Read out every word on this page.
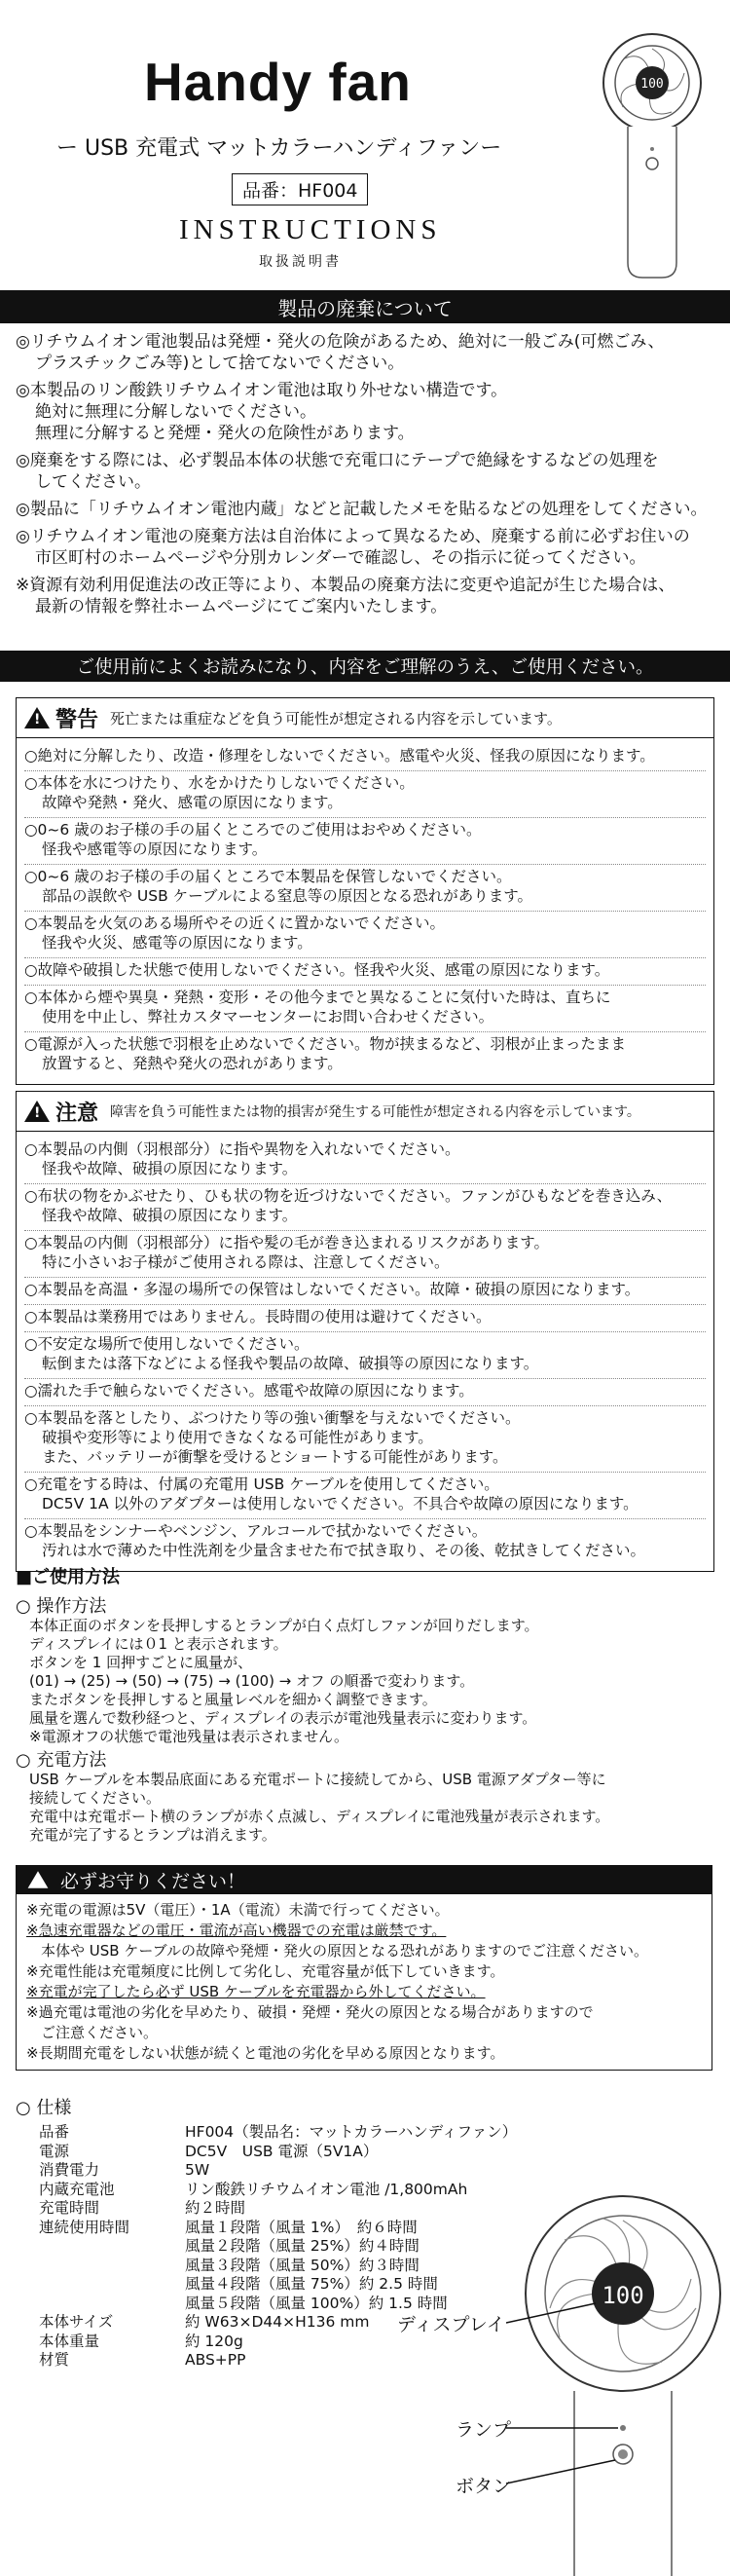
Handy fan
ー USB 充電式 マットカラーハンディファンー
品番：HF004
INSTRUCTIONS
取扱説明書
100
製品の廃棄について
◎リチウムイオン電池製品は発煙・発火の危険があるため、絶対に一般ごみ(可燃ごみ、
プラスチックごみ等)として捨てないでください。
◎本製品のリン酸鉄リチウムイオン電池は取り外せない構造です。
絶対に無理に分解しないでください。
無理に分解すると発煙・発火の危険性があります。
◎廃棄をする際には、必ず製品本体の状態で充電口にテープで絶縁をするなどの処理を
してください。
◎製品に「リチウムイオン電池内蔵」などと記載したメモを貼るなどの処理をしてください。
◎リチウムイオン電池の廃棄方法は自治体によって異なるため、廃棄する前に必ずお住いの
市区町村のホームページや分別カレンダーで確認し、その指示に従ってください。
※資源有効利用促進法の改正等により、本製品の廃棄方法に変更や追記が生じた場合は、
最新の情報を弊社ホームページにてご案内いたします。
ご使用前によくお読みになり、内容をご理解のうえ、ご使用ください。
!
警告 死亡または重症などを負う可能性が想定される内容を示しています。
○絶対に分解したり、改造・修理をしないでください。感電や火災、怪我の原因になります。
○本体を水につけたり、水をかけたりしないでください。
故障や発熱・発火、感電の原因になります。
○0~6 歳のお子様の手の届くところでのご使用はおやめください。
怪我や感電等の原因になります。
○0~6 歳のお子様の手の届くところで本製品を保管しないでください。
部品の誤飲や USB ケーブルによる窒息等の原因となる恐れがあります。
○本製品を火気のある場所やその近くに置かないでください。
怪我や火災、感電等の原因になります。
○故障や破損した状態で使用しないでください。怪我や火災、感電の原因になります。
○本体から煙や異臭・発熱・変形・その他今までと異なることに気付いた時は、直ちに
使用を中止し、弊社カスタマーセンターにお問い合わせください。
○電源が入った状態で羽根を止めないでください。物が挟まるなど、羽根が止まったまま
放置すると、発熱や発火の恐れがあります。
!
注意 障害を負う可能性または物的損害が発生する可能性が想定される内容を示しています。
○本製品の内側（羽根部分）に指や異物を入れないでください。
怪我や故障、破損の原因になります。
○布状の物をかぶせたり、ひも状の物を近づけないでください。ファンがひもなどを巻き込み、
怪我や故障、破損の原因になります。
○本製品の内側（羽根部分）に指や髪の毛が巻き込まれるリスクがあります。
特に小さいお子様がご使用される際は、注意してください。
○本製品を高温・多湿の場所での保管はしないでください。故障・破損の原因になります。
○本製品は業務用ではありません。長時間の使用は避けてください。
○不安定な場所で使用しないでください。
転倒または落下などによる怪我や製品の故障、破損等の原因になります。
○濡れた手で触らないでください。感電や故障の原因になります。
○本製品を落としたり、ぶつけたり等の強い衝撃を与えないでください。
破損や変形等により使用できなくなる可能性があります。
また、バッテリーが衝撃を受けるとショートする可能性があります。
○充電をする時は、付属の充電用 USB ケーブルを使用してください。
DC5V 1A 以外のアダプターは使用しないでください。不具合や故障の原因になります。
○本製品をシンナーやベンジン、アルコールで拭かないでください。
汚れは水で薄めた中性洗剤を少量含ませた布で拭き取り、その後、乾拭きしてください。
■ご使用方法
○ 操作方法
本体正面のボタンを長押しするとランプが白く点灯しファンが回りだします。
ディスプレイには０1 と表示されます。
ボタンを 1 回押すごとに風量が、
(01) → (25) → (50) → (75) → (100) → オフ の順番で変わります。
またボタンを長押しすると風量レベルを細かく調整できます。
風量を選んで数秒経つと、ディスプレイの表示が電池残量表示に変わります。
※電源オフの状態で電池残量は表示されません。
○ 充電方法
USB ケーブルを本製品底面にある充電ポートに接続してから、USB 電源アダプター等に
接続してください。
充電中は充電ポート横のランプが赤く点滅し、ディスプレイに電池残量が表示されます。
充電が完了するとランプは消えます。
!
必ずお守りください！
※充電の電源は5V（電圧）・1A（電流）未満で行ってください。
※急速充電器などの電圧・電流が高い機器での充電は厳禁です。
　本体や USB ケーブルの故障や発煙・発火の原因となる恐れがありますのでご注意ください。
※充電性能は充電頻度に比例して劣化し、充電容量が低下していきます。
※充電が完了したら必ず USB ケーブルを充電器から外してください。
※過充電は電池の劣化を早めたり、破損・発煙・発火の原因となる場合がありますので
　ご注意ください。
※長期間充電をしない状態が続くと電池の劣化を早める原因となります。
○ 仕様
品番	HF004（製品名：マットカラーハンディファン）
電源	DC5V　USB 電源（5V1A）
消費電力	5W
内蔵充電池	リン酸鉄リチウムイオン電池 /1,800mAh
充電時間	約２時間
連続使用時間	風量１段階（風量 1%）　約６時間
風量２段階（風量 25%）約４時間
風量３段階（風量 50%）約３時間
風量４段階（風量 75%）約 2.5 時間
風量５段階（風量 100%）約 1.5 時間
本体サイズ	約 W63×D44×H136 mm
本体重量	約 120g
材質	ABS+PP
100
ディスプレイ
ランプ
ボタン
